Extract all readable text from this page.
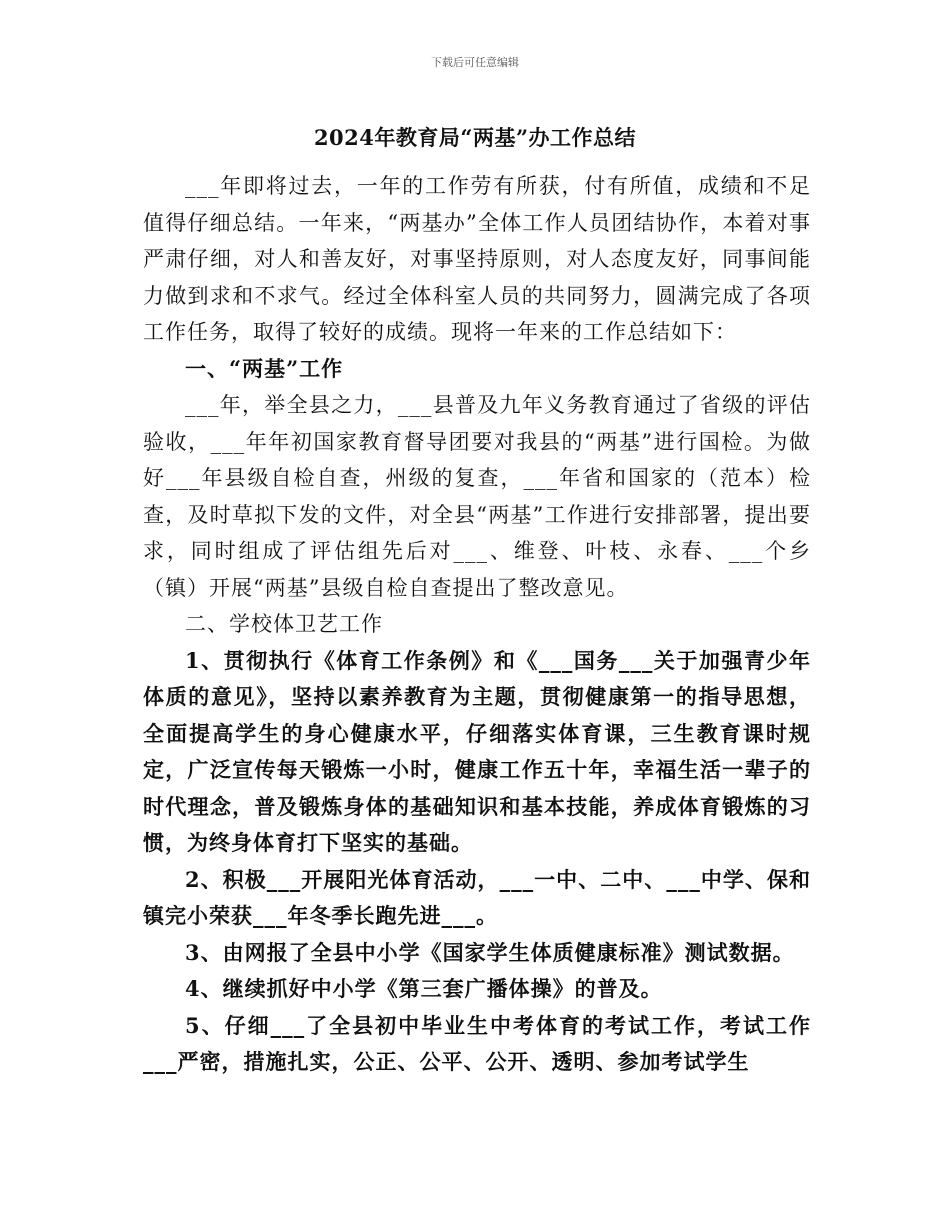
下载后可任意编辑
2024年教育局“两基”办工作总结

___年即将过去，一年的工作劳有所获，付有所值，成绩和不足值得仔细总结。一年来，“两基办”全体工作人员团结协作，本着对事严肃仔细，对人和善友好，对事坚持原则，对人态度友好，同事间能力做到求和不求气。经过全体科室人员的共同努力，圆满完成了各项工作任务，取得了较好的成绩。现将一年来的工作总结如下：

一、“两基”工作

___年，举全县之力，___县普及九年义务教育通过了省级的评估验收，___年年初国家教育督导团要对我县的“两基”进行国检。为做好___年县级自检自查，州级的复查，___年省和国家的（范本）检查，及时草拟下发的文件，对全县“两基”工作进行安排部署，提出要求，同时组成了评估组先后对___、维登、叶枝、永春、___个乡（镇）开展“两基”县级自检自查提出了整改意见。

二、学校体卫艺工作

1、贯彻执行《体育工作条例》和《___国务___关于加强青少年体质的意见》，坚持以素养教育为主题，贯彻健康第一的指导思想，全面提高学生的身心健康水平，仔细落实体育课，三生教育课时规定，广泛宣传每天锻炼一小时，健康工作五十年，幸福生活一辈子的时代理念，普及锻炼身体的基础知识和基本技能，养成体育锻炼的习惯，为终身体育打下坚实的基础。

2、积极___开展阳光体育活动，___一中、二中、___中学、保和镇完小荣获___年冬季长跑先进___。

3、由网报了全县中小学《国家学生体质健康标准》测试数据。

4、继续抓好中小学《第三套广播体操》的普及。

5、仔细___了全县初中毕业生中考体育的考试工作，考试工作___严密，措施扎实，公正、公平、公开、透明、参加考试学生
